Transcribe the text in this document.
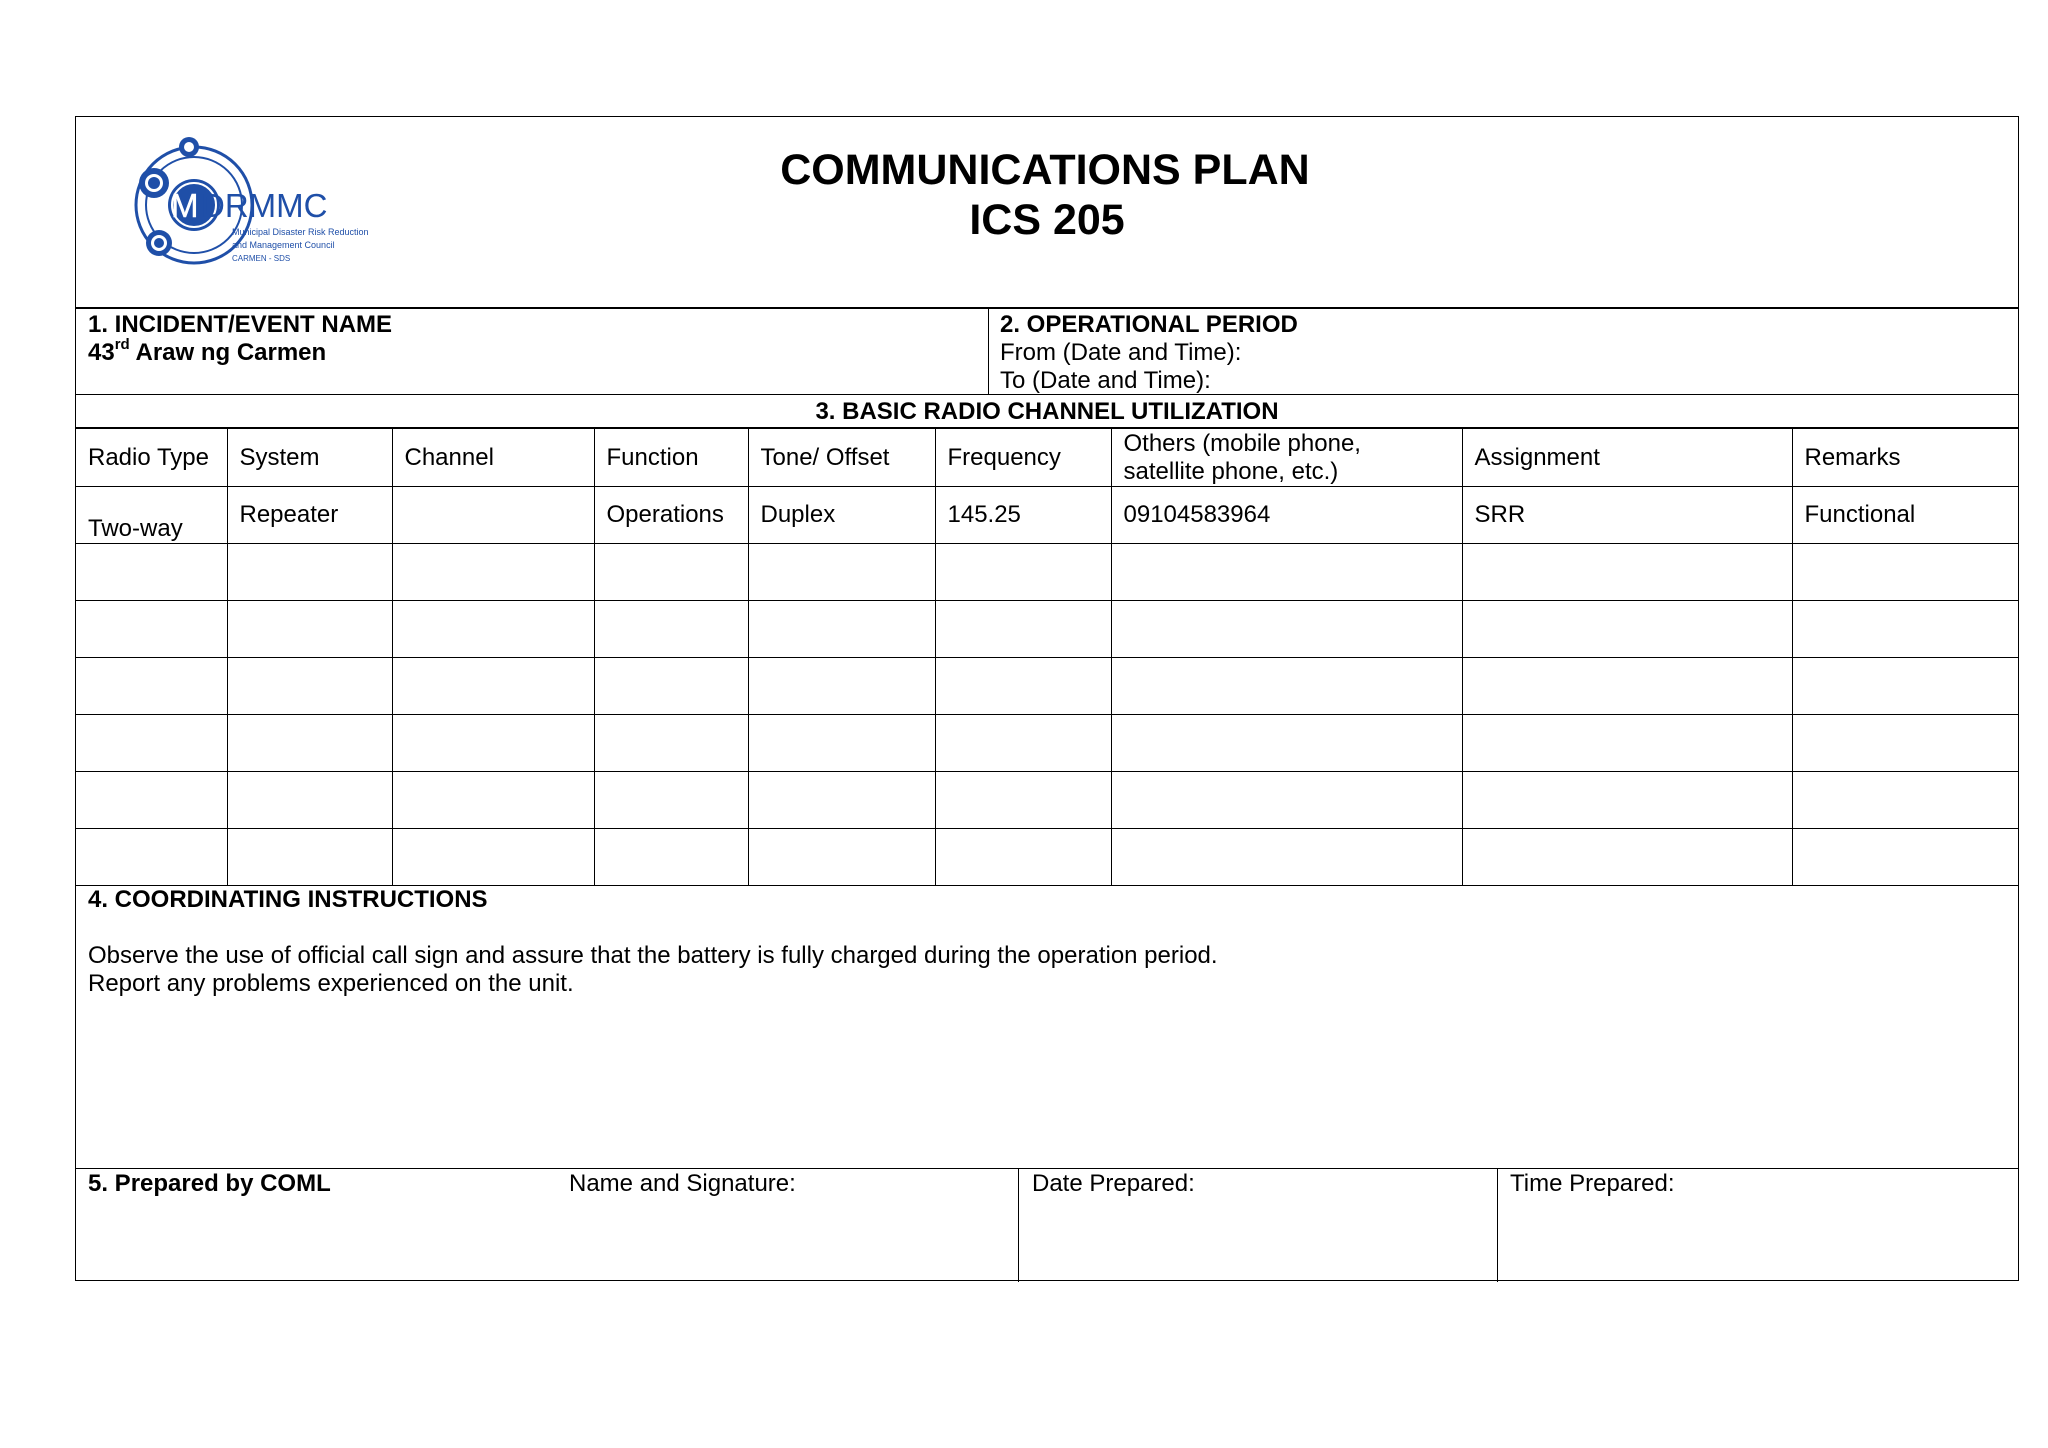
M DRMMC
Municipal Disaster Risk Reduction
and Management Council
CARMEN - SDS
COMMUNICATIONS PLAN
ICS 205
1. INCIDENT/EVENT NAME
43rd Araw ng Carmen
2. OPERATIONAL PERIOD
From (Date and Time):
To (Date and Time):
3. BASIC RADIO CHANNEL UTILIZATION
Radio Type	System	Channel	Function	Tone/ Offset	Frequency	Others (mobile phone,
satellite phone, etc.)	Assignment	Remarks
Two-way	Repeater		Operations	Duplex	145.25	09104583964	SRR	Functional

4. COORDINATING INSTRUCTIONS
Observe the use of official call sign and assure that the battery is fully charged during the operation period.
Report any problems experienced on the unit.
5. Prepared by COML	Name and Signature:	Date Prepared:	Time Prepared:
